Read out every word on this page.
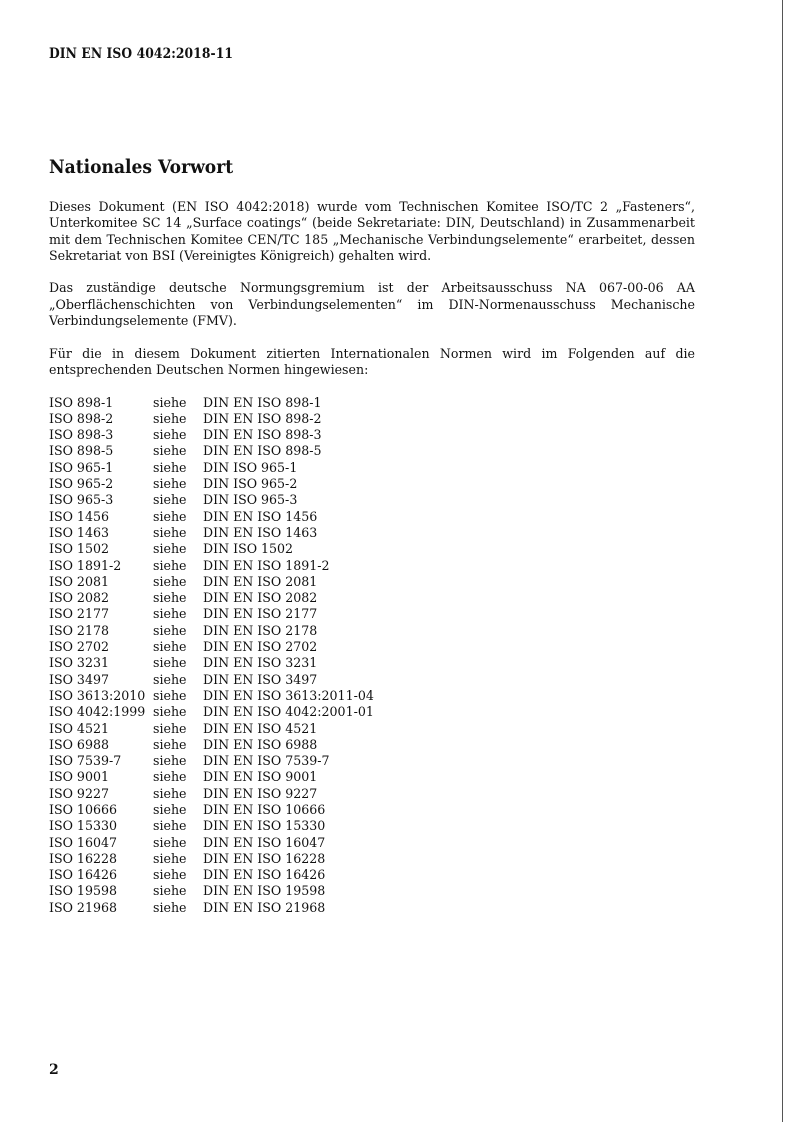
DIN EN ISO 4042:2018-11
Nationales Vorwort

Dieses Dokument (EN ISO 4042:2018) wurde vom Technischen Komitee ISO/TC 2 „Fasteners“, Unterkomitee SC 14 „Surface coatings“ (beide Sekretariate: DIN, Deutschland) in Zusammenarbeit mit dem Technischen Komitee CEN/TC 185 „Mechanische Verbindungselemente“ erarbeitet, dessen Sekretariat von BSI (Vereinigtes Königreich) gehalten wird.

Das zuständige deutsche Normungsgremium ist der Arbeitsausschuss NA 067-00-06 AA „Oberflächenschichten von Verbindungselementen“ im DIN-Normenausschuss Mechanische Verbindungselemente (FMV).

Für die in diesem Dokument zitierten Internationalen Normen wird im Folgenden auf die entsprechenden Deutschen Normen hingewiesen:

ISO 898-1	siehe	DIN EN ISO 898-1
ISO 898-2	siehe	DIN EN ISO 898-2
ISO 898-3	siehe	DIN EN ISO 898-3
ISO 898-5	siehe	DIN EN ISO 898-5
ISO 965-1	siehe	DIN ISO 965-1
ISO 965-2	siehe	DIN ISO 965-2
ISO 965-3	siehe	DIN ISO 965-3
ISO 1456	siehe	DIN EN ISO 1456
ISO 1463	siehe	DIN EN ISO 1463
ISO 1502	siehe	DIN ISO 1502
ISO 1891-2	siehe	DIN EN ISO 1891-2
ISO 2081	siehe	DIN EN ISO 2081
ISO 2082	siehe	DIN EN ISO 2082
ISO 2177	siehe	DIN EN ISO 2177
ISO 2178	siehe	DIN EN ISO 2178
ISO 2702	siehe	DIN EN ISO 2702
ISO 3231	siehe	DIN EN ISO 3231
ISO 3497	siehe	DIN EN ISO 3497
ISO 3613:2010 siehe	DIN EN ISO 3613:2011-04
ISO 4042:1999 siehe	DIN EN ISO 4042:2001-01
ISO 4521	siehe	DIN EN ISO 4521
ISO 6988	siehe	DIN EN ISO 6988
ISO 7539-7	siehe	DIN EN ISO 7539-7
ISO 9001	siehe	DIN EN ISO 9001
ISO 9227	siehe	DIN EN ISO 9227
ISO 10666	siehe	DIN EN ISO 10666
ISO 15330	siehe	DIN EN ISO 15330
ISO 16047	siehe	DIN EN ISO 16047
ISO 16228	siehe	DIN EN ISO 16228
ISO 16426	siehe	DIN EN ISO 16426
ISO 19598	siehe	DIN EN ISO 19598
ISO 21968	siehe	DIN EN ISO 21968
2
